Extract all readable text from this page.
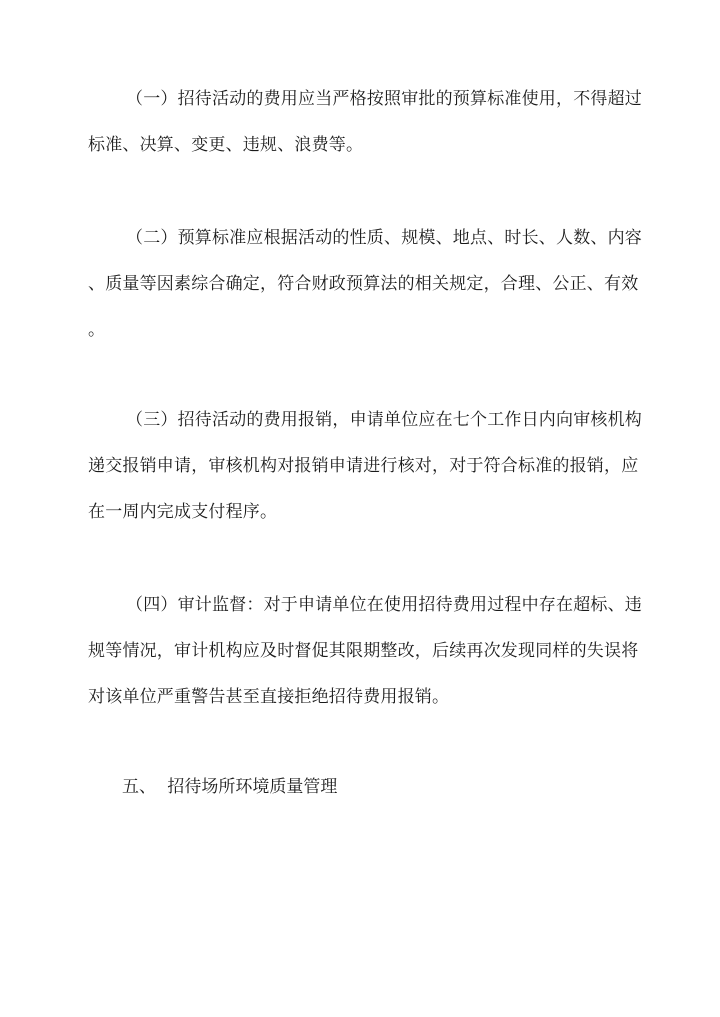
（一）招待活动的费用应当严格按照审批的预算标准使用，不得超过
标准、决算、变更、违规、浪费等。
（二）预算标准应根据活动的性质、规模、地点、时长、人数、内容
、质量等因素综合确定，符合财政预算法的相关规定，合理、公正、有效
。
（三）招待活动的费用报销，申请单位应在七个工作日内向审核机构
递交报销申请，审核机构对报销申请进行核对，对于符合标准的报销，应
在一周内完成支付程序。
（四）审计监督：对于申请单位在使用招待费用过程中存在超标、违
规等情况，审计机构应及时督促其限期整改，后续再次发现同样的失误将
对该单位严重警告甚至直接拒绝招待费用报销。
五、 招待场所环境质量管理
